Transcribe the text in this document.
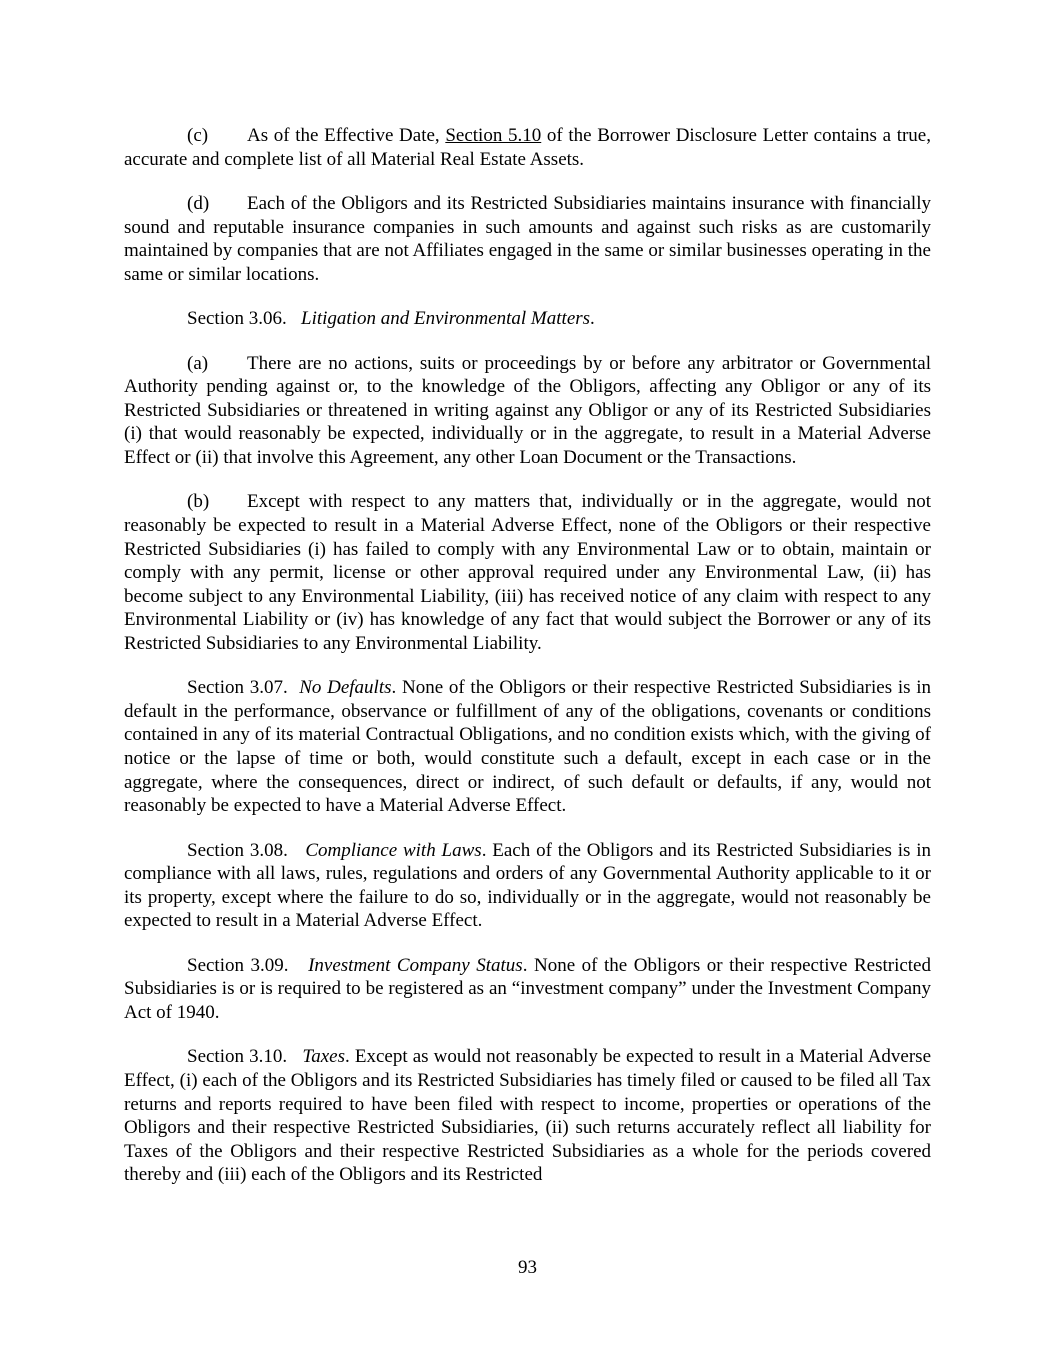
(c) As of the Effective Date, Section 5.10 of the Borrower Disclosure Letter contains a true, accurate and complete list of all Material Real Estate Assets.

(d) Each of the Obligors and its Restricted Subsidiaries maintains insurance with financially sound and reputable insurance companies in such amounts and against such risks as are customarily maintained by companies that are not Affiliates engaged in the same or similar businesses operating in the same or similar locations.

Section 3.06. Litigation and Environmental Matters.

(a) There are no actions, suits or proceedings by or before any arbitrator or Governmental Authority pending against or, to the knowledge of the Obligors, affecting any Obligor or any of its Restricted Subsidiaries or threatened in writing against any Obligor or any of its Restricted Subsidiaries (i) that would reasonably be expected, individually or in the aggregate, to result in a Material Adverse Effect or (ii) that involve this Agreement, any other Loan Document or the Transactions.

(b) Except with respect to any matters that, individually or in the aggregate, would not reasonably be expected to result in a Material Adverse Effect, none of the Obligors or their respective Restricted Subsidiaries (i) has failed to comply with any Environmental Law or to obtain, maintain or comply with any permit, license or other approval required under any Environmental Law, (ii) has become subject to any Environmental Liability, (iii) has received notice of any claim with respect to any Environmental Liability or (iv) has knowledge of any fact that would subject the Borrower or any of its Restricted Subsidiaries to any Environmental Liability.

Section 3.07. No Defaults. None of the Obligors or their respective Restricted Subsidiaries is in default in the performance, observance or fulfillment of any of the obligations, covenants or conditions contained in any of its material Contractual Obligations, and no condition exists which, with the giving of notice or the lapse of time or both, would constitute such a default, except in each case or in the aggregate, where the consequences, direct or indirect, of such default or defaults, if any, would not reasonably be expected to have a Material Adverse Effect.

Section 3.08. Compliance with Laws. Each of the Obligors and its Restricted Subsidiaries is in compliance with all laws, rules, regulations and orders of any Governmental Authority applicable to it or its property, except where the failure to do so, individually or in the aggregate, would not reasonably be expected to result in a Material Adverse Effect.

Section 3.09. Investment Company Status. None of the Obligors or their respective Restricted Subsidiaries is or is required to be registered as an “investment company” under the Investment Company Act of 1940.

Section 3.10. Taxes. Except as would not reasonably be expected to result in a Material Adverse Effect, (i) each of the Obligors and its Restricted Subsidiaries has timely filed or caused to be filed all Tax returns and reports required to have been filed with respect to income, properties or operations of the Obligors and their respective Restricted Subsidiaries, (ii) such returns accurately reflect all liability for Taxes of the Obligors and their respective Restricted Subsidiaries as a whole for the periods covered thereby and (iii) each of the Obligors and its Restricted

93
